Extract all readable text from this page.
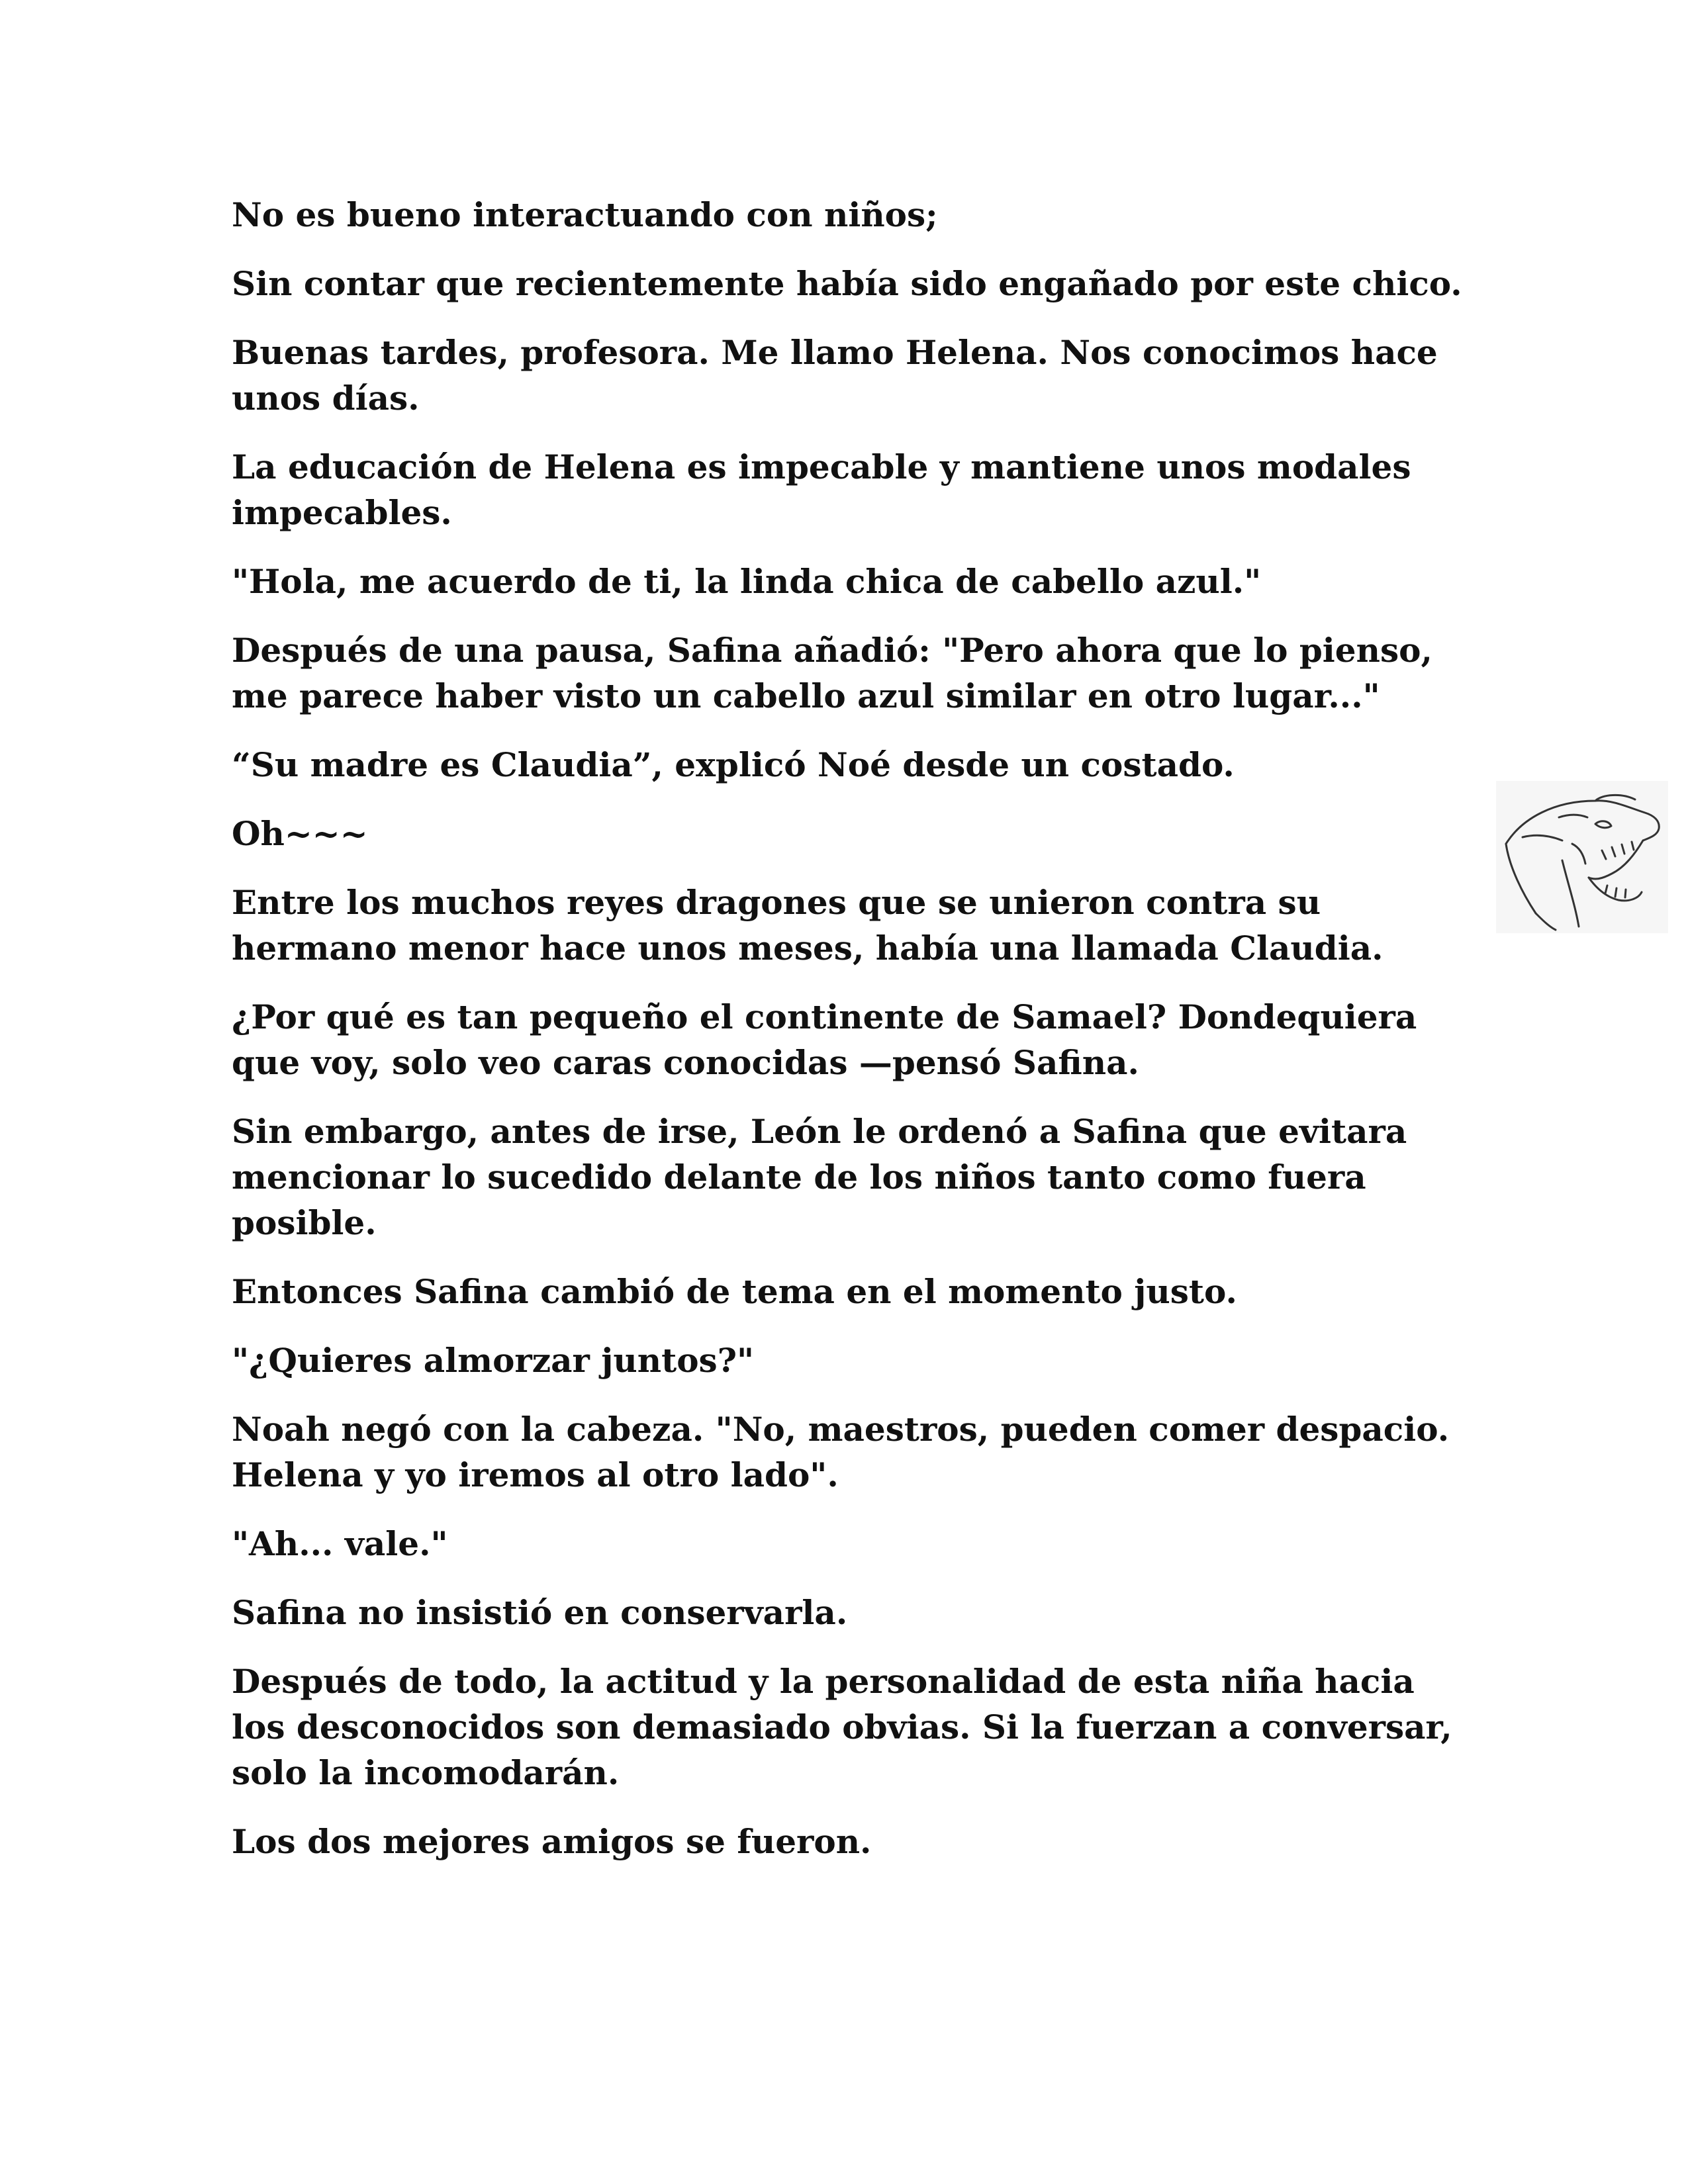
No es bueno interactuando con niños;

Sin contar que recientemente había sido engañado por este chico.

Buenas tardes, profesora. Me llamo Helena. Nos conocimos hace unos días.

La educación de Helena es impecable y mantiene unos modales impecables.

"Hola, me acuerdo de ti, la linda chica de cabello azul."

Después de una pausa, Safina añadió: "Pero ahora que lo pienso, me parece haber visto un cabello azul similar en otro lugar..."

“Su madre es Claudia”, explicó Noé desde un costado.

Oh~~~

Entre los muchos reyes dragones que se unieron contra su hermano menor hace unos meses, había una llamada Claudia.

¿Por qué es tan pequeño el continente de Samael? Dondequiera que voy, solo veo caras conocidas —pensó Safina.

Sin embargo, antes de irse, León le ordenó a Safina que evitara mencionar lo sucedido delante de los niños tanto como fuera posible.

Entonces Safina cambió de tema en el momento justo.

"¿Quieres almorzar juntos?"

Noah negó con la cabeza. "No, maestros, pueden comer despacio. Helena y yo iremos al otro lado".

"Ah... vale."

Safina no insistió en conservarla.

Después de todo, la actitud y la personalidad de esta niña hacia los desconocidos son demasiado obvias. Si la fuerzan a conversar, solo la incomodarán.

Los dos mejores amigos se fueron.
